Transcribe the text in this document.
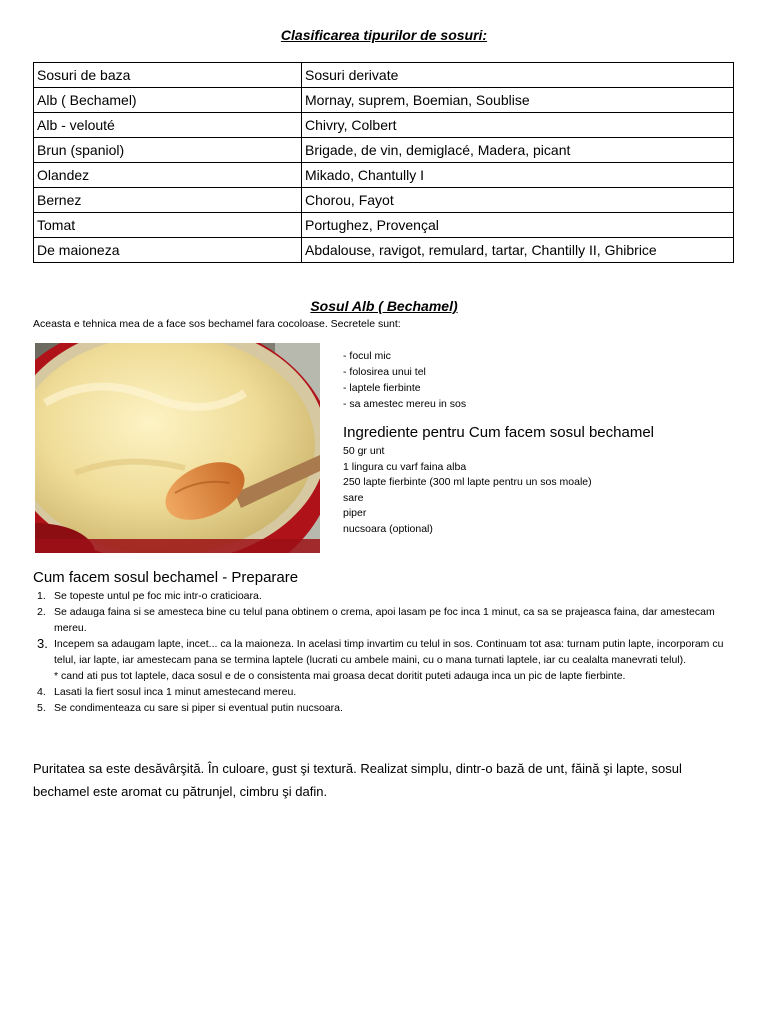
Clasificarea tipurilor de sosuri:
Sosuri de baza	Sosuri derivate
Alb ( Bechamel)	Mornay, suprem, Boemian, Soublise
Alb - velouté	Chivry, Colbert
Brun (spaniol)	Brigade, de vin, demiglacé, Madera, picant
Olandez	Mikado, Chantully I
Bernez	Chorou, Fayot
Tomat	Portughez, Provençal
De maioneza	Abdalouse, ravigot, remulard, tartar, Chantilly II, Ghibrice
Sosul Alb ( Bechamel)
Aceasta e tehnica mea de a face sos bechamel fara cocoloase. Secretele sunt:
- focul mic
- folosirea unui tel
- laptele fierbinte
- sa amestec mereu in sos
Ingrediente pentru Cum facem sosul bechamel
50 gr unt
1 lingura cu varf faina alba
250 lapte fierbinte (300 ml lapte pentru un sos moale)
sare
piper
nucsoara (optional)
Cum facem sosul bechamel - Preparare
1. Se topeste untul pe foc mic intr-o craticioara.
2. Se adauga faina si se amesteca bine cu telul pana obtinem o crema, apoi lasam pe foc inca 1 minut, ca sa se prajeasca faina, dar amestecam mereu.
3. Incepem sa adaugam lapte, incet... ca la maioneza. In acelasi timp invartim cu telul in sos. Continuam tot asa: turnam putin lapte, incorporam cu telul, iar lapte, iar amestecam pana se termina laptele (lucrati cu ambele maini, cu o mana turnati laptele, iar cu cealalta manevrati telul).
* cand ati pus tot laptele, daca sosul e de o consistenta mai groasa decat doritit puteti adauga inca un pic de lapte fierbinte.
4. Lasati la fiert sosul inca 1 minut amestecand mereu.
5. Se condimenteaza cu sare si piper si eventual putin nucsoara.
Puritatea sa este desăvârşită. În culoare, gust şi textură. Realizat simplu, dintr-o bază de unt, făină şi lapte, sosul bechamel este aromat cu pătrunjel, cimbru şi dafin.
